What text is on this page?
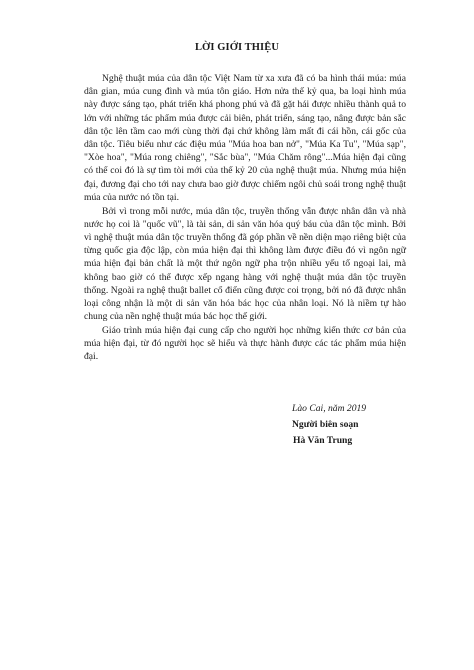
LỜI GIỚI THIỆU

Nghệ thuật múa của dân tộc Việt Nam từ xa xưa đã có ba hình thái múa: múa dân gian, múa cung đình và múa tôn giáo. Hơn nửa thế kỷ qua, ba loại hình múa này được sáng tạo, phát triển khá phong phú và đã gặt hái được nhiều thành quả to lớn với những tác phẩm múa được cải biên, phát triển, sáng tạo, nâng được bản sắc dân tộc lên tầm cao mới cùng thời đại chứ không làm mất đi cái hồn, cái gốc của dân tộc. Tiêu biểu như các điệu múa "Múa hoa ban nở", "Múa Ka Tu", "Múa sạp", "Xòe hoa", "Múa rong chiêng", "Sắc bùa", "Múa Chăm rông"...Múa hiện đại cũng có thể coi đó là sự tìm tòi mới của thế kỷ 20 của nghệ thuật múa. Nhưng múa hiện đại, đương đại cho tới nay chưa bao giờ được chiếm ngôi chủ soái trong nghệ thuật múa của nước nó tồn tại.

Bởi vì trong mỗi nước, múa dân tộc, truyền thống vẫn được nhân dân và nhà nước họ coi là "quốc vũ", là tài sản, di sản văn hóa quý báu của dân tộc mình. Bởi vì nghệ thuật múa dân tộc truyền thống đã góp phần về nền diện mạo riêng biệt của từng quốc gia độc lập, còn múa hiện đại thì không làm được điều đó vì ngôn ngữ múa hiện đại bản chất là một thứ ngôn ngữ pha trộn nhiều yếu tố ngoại lai, mà không bao giờ có thể được xếp ngang hàng với nghệ thuật múa dân tộc truyền thống. Ngoài ra nghệ thuật ballet cổ điển cũng được coi trọng, bởi nó đã được nhân loại công nhận là một di sản văn hóa bác học của nhân loại. Nó là niềm tự hào chung của nền nghệ thuật múa bác học thế giới.

Giáo trình múa hiện đại cung cấp cho người học những kiến thức cơ bản của múa hiện đại, từ đó người học sẽ hiểu và thực hành được các tác phẩm múa hiện đại.

Lào Cai, năm 2019
Người biên soạn
Hà Văn Trung
